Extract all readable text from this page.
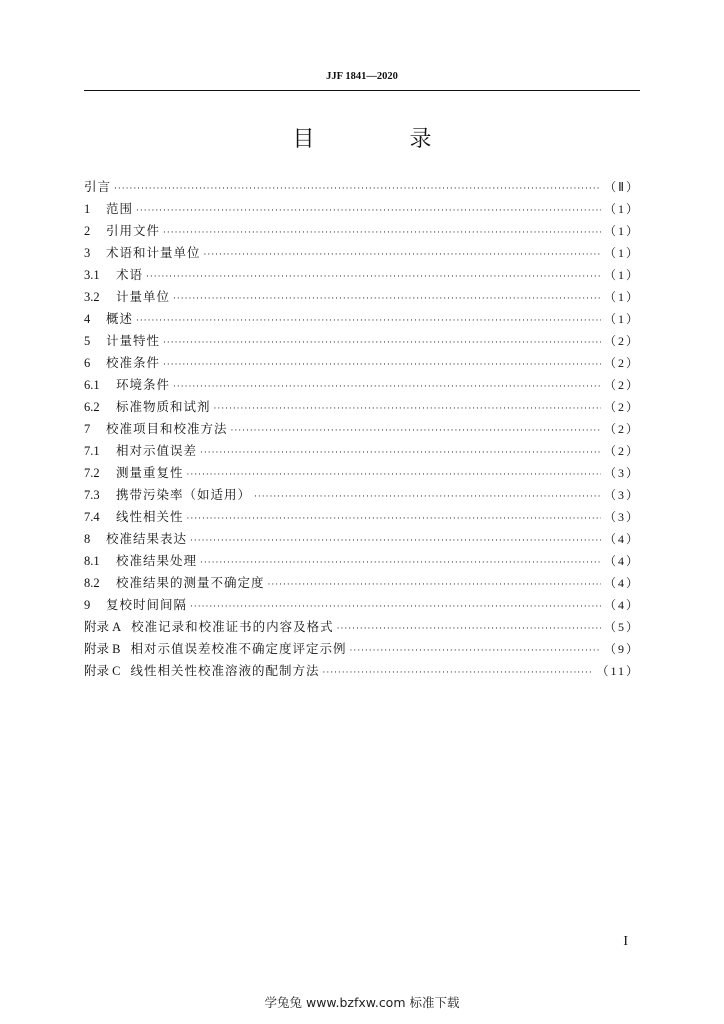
JJF 1841—2020
目 录
引言 ·····	（Ⅱ）
1	范围 ·····	（1）
2	引用文件 ·····	（1）
3	术语和计量单位 ·····	（1）
3.1	术语 ·····	（1）
3.2	计量单位 ·····	（1）
4	概述 ·····	（1）
5	计量特性 ·····	（2）
6	校准条件 ·····	（2）
6.1	环境条件 ·····	（2）
6.2	标准物质和试剂 ·····	（2）
7	校准项目和校准方法 ·····	（2）
7.1	相对示值误差 ·····	（2）
7.2	测量重复性 ·····	（3）
7.3	携带污染率（如适用） ·····	（3）
7.4	线性相关性 ·····	（3）
8	校准结果表达 ·····	（4）
8.1	校准结果处理 ·····	（4）
8.2	校准结果的测量不确定度 ·····	（4）
9	复校时间间隔 ·····	（4）
附录 A 校准记录和校准证书的内容及格式 ·····	（5）
附录 B 相对示值误差校准不确定度评定示例 ·····	（9）
附录 C 线性相关性校准溶液的配制方法 ·····	（11）
I
学兔兔 www.bzfxw.com 标准下载
